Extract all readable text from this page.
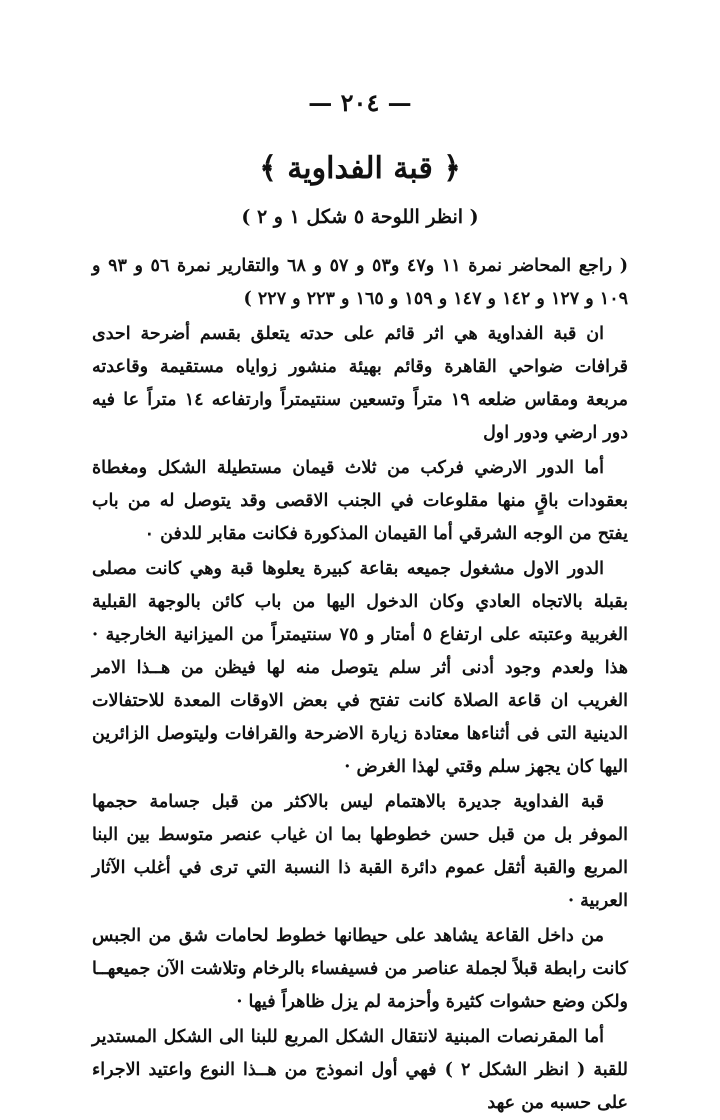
— ٢٠٤ —
﴿ قبة الفداوية ﴾
( انظر اللوحة ٥ شكل ١ و ٢ )

( راجع المحاضر نمرة ١١ و٤٧ و٥٣ و ٥٧ و ٦٨ والتقارير نمرة ٥٦ و ٩٣ و ١٠٩ و ١٢٧ و ١٤٢ و ١٤٧ و ١٥٩ و ١٦٥ و ٢٢٣ و ٢٢٧ )

ان قبة الفداوية هي اثر قائم على حدته يتعلق بقسم أضرحة احدى قرافات ضواحي القاهرة وقائم بهيئة منشور زواياه مستقيمة وقاعدته مربعة ومقاس ضلعه ١٩ متراً وتسعين سنتيمتراً وارتفاعه ١٤ متراً عا فيه دور ارضي ودور اول

أما الدور الارضي فركب من ثلاث قيمان مستطيلة الشكل ومغطاة بعقودات باقٍ منها مقلوعات في الجنب الاقصى وقد يتوصل له من باب يفتح من الوجه الشرقي أما القيمان المذكورة فكانت مقابر للدفن ٠

الدور الاول مشغول جميعه بقاعة كبيرة يعلوها قبة وهي كانت مصلى بقبلة بالاتجاه العادي وكان الدخول اليها من باب كائن بالوجهة القبلية الغربية وعتبته على ارتفاع ٥ أمتار و ٧٥ سنتيمتراً من الميزانية الخارجية · هذا ولعدم وجود أدنى أثر سلم يتوصل منه لها فيظن من هــذا الامر الغريب ان قاعة الصلاة كانت تفتح في بعض الاوقات المعدة للاحتفالات الدينية التى فى أثناءها معتادة زيارة الاضرحة والقرافات وليتوصل الزائرين اليها كان يجهز سلم وقتي لهذا الغرض ·

قبة الفداوية جديرة بالاهتمام ليس بالاكثر من قبل جسامة حجمها الموفر بل من قبل حسن خطوطها بما ان غياب عنصر متوسط بين البنا المربع والقبة أثقل عموم دائرة القبة ذا النسبة التي ترى في أغلب الآثار العربية ·

من داخل القاعة يشاهد على حيطانها خطوط لحامات شق من الجبس كانت رابطة قبلاً لجملة عناصر من فسيفساء بالرخام وتلاشت الآن جميعهــا ولكن وضع حشوات كثيرة وأحزمة لم يزل ظاهراً فيها ·

أما المقرنصات المبنية لانتقال الشكل المربع للبنا الى الشكل المستدير للقبة ( انظر الشكل ٢ ) فهي أول انموذج من هــذا النوع واعتيد الاجراء على حسبه من عهد
